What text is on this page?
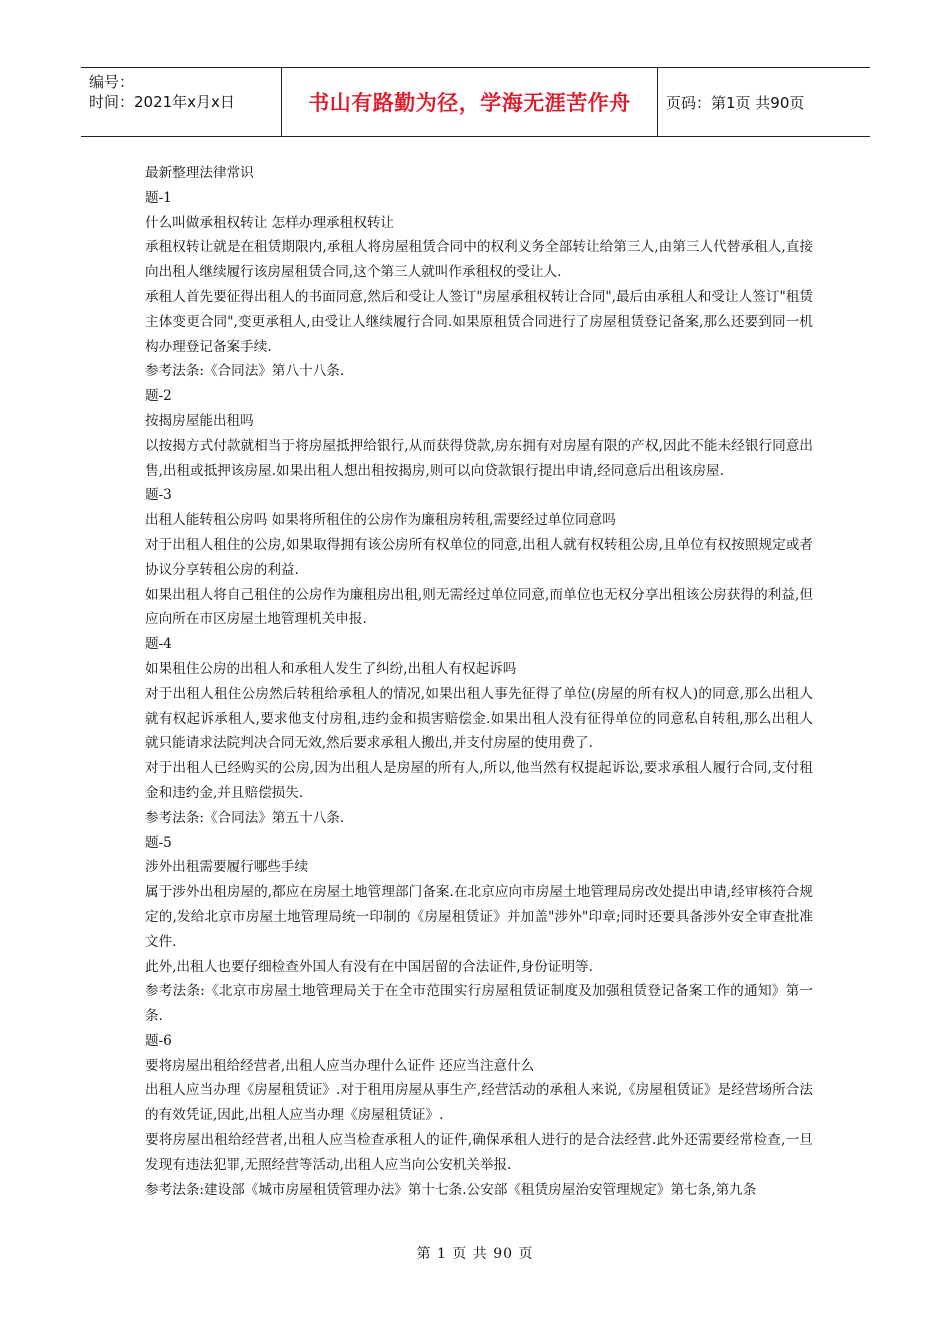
编号：
时间：2021年x月x日	书山有路勤为径，学海无涯苦作舟	页码：第1页 共90页

最新整理法律常识

题-1

什么叫做承租权转让 怎样办理承租权转让

承租权转让就是在租赁期限内,承租人将房屋租赁合同中的权利义务全部转让给第三人,由第三人代替承租人,直接向出租人继续履行该房屋租赁合同,这个第三人就叫作承租权的受让人.

承租人首先要征得出租人的书面同意,然后和受让人签订"房屋承租权转让合同",最后由承租人和受让人签订"租赁主体变更合同",变更承租人,由受让人继续履行合同.如果原租赁合同进行了房屋租赁登记备案,那么还要到同一机构办理登记备案手续.

参考法条:《合同法》第八十八条.

题-2

按揭房屋能出租吗

以按揭方式付款就相当于将房屋抵押给银行,从而获得贷款,房东拥有对房屋有限的产权,因此不能未经银行同意出售,出租或抵押该房屋.如果出租人想出租按揭房,则可以向贷款银行提出申请,经同意后出租该房屋.

题-3

出租人能转租公房吗 如果将所租住的公房作为廉租房转租,需要经过单位同意吗

对于出租人租住的公房,如果取得拥有该公房所有权单位的同意,出租人就有权转租公房,且单位有权按照规定或者协议分享转租公房的利益.

如果出租人将自己租住的公房作为廉租房出租,则无需经过单位同意,而单位也无权分享出租该公房获得的利益,但应向所在市区房屋土地管理机关申报.

题-4

如果租住公房的出租人和承租人发生了纠纷,出租人有权起诉吗

对于出租人租住公房然后转租给承租人的情况,如果出租人事先征得了单位(房屋的所有权人)的同意,那么出租人就有权起诉承租人,要求他支付房租,违约金和损害赔偿金.如果出租人没有征得单位的同意私自转租,那么出租人就只能请求法院判决合同无效,然后要求承租人搬出,并支付房屋的使用费了.

对于出租人已经购买的公房,因为出租人是房屋的所有人,所以,他当然有权提起诉讼,要求承租人履行合同,支付租金和违约金,并且赔偿损失.

参考法条:《合同法》第五十八条.

题-5

涉外出租需要履行哪些手续

属于涉外出租房屋的,都应在房屋土地管理部门备案.在北京应向市房屋土地管理局房改处提出申请,经审核符合规定的,发给北京市房屋土地管理局统一印制的《房屋租赁证》并加盖"涉外"印章;同时还要具备涉外安全审查批准文件.

此外,出租人也要仔细检查外国人有没有在中国居留的合法证件,身份证明等.

参考法条:《北京市房屋土地管理局关于在全市范围实行房屋租赁证制度及加强租赁登记备案工作的通知》第一条.

题-6

要将房屋出租给经营者,出租人应当办理什么证件 还应当注意什么

出租人应当办理《房屋租赁证》.对于租用房屋从事生产,经营活动的承租人来说,《房屋租赁证》是经营场所合法的有效凭证,因此,出租人应当办理《房屋租赁证》.

要将房屋出租给经营者,出租人应当检查承租人的证件,确保承租人进行的是合法经营.此外还需要经常检查,一旦发现有违法犯罪,无照经营等活动,出租人应当向公安机关举报.

参考法条:建设部《城市房屋租赁管理办法》第十七条.公安部《租赁房屋治安管理规定》第七条,第九条

第 1 页 共 90 页
